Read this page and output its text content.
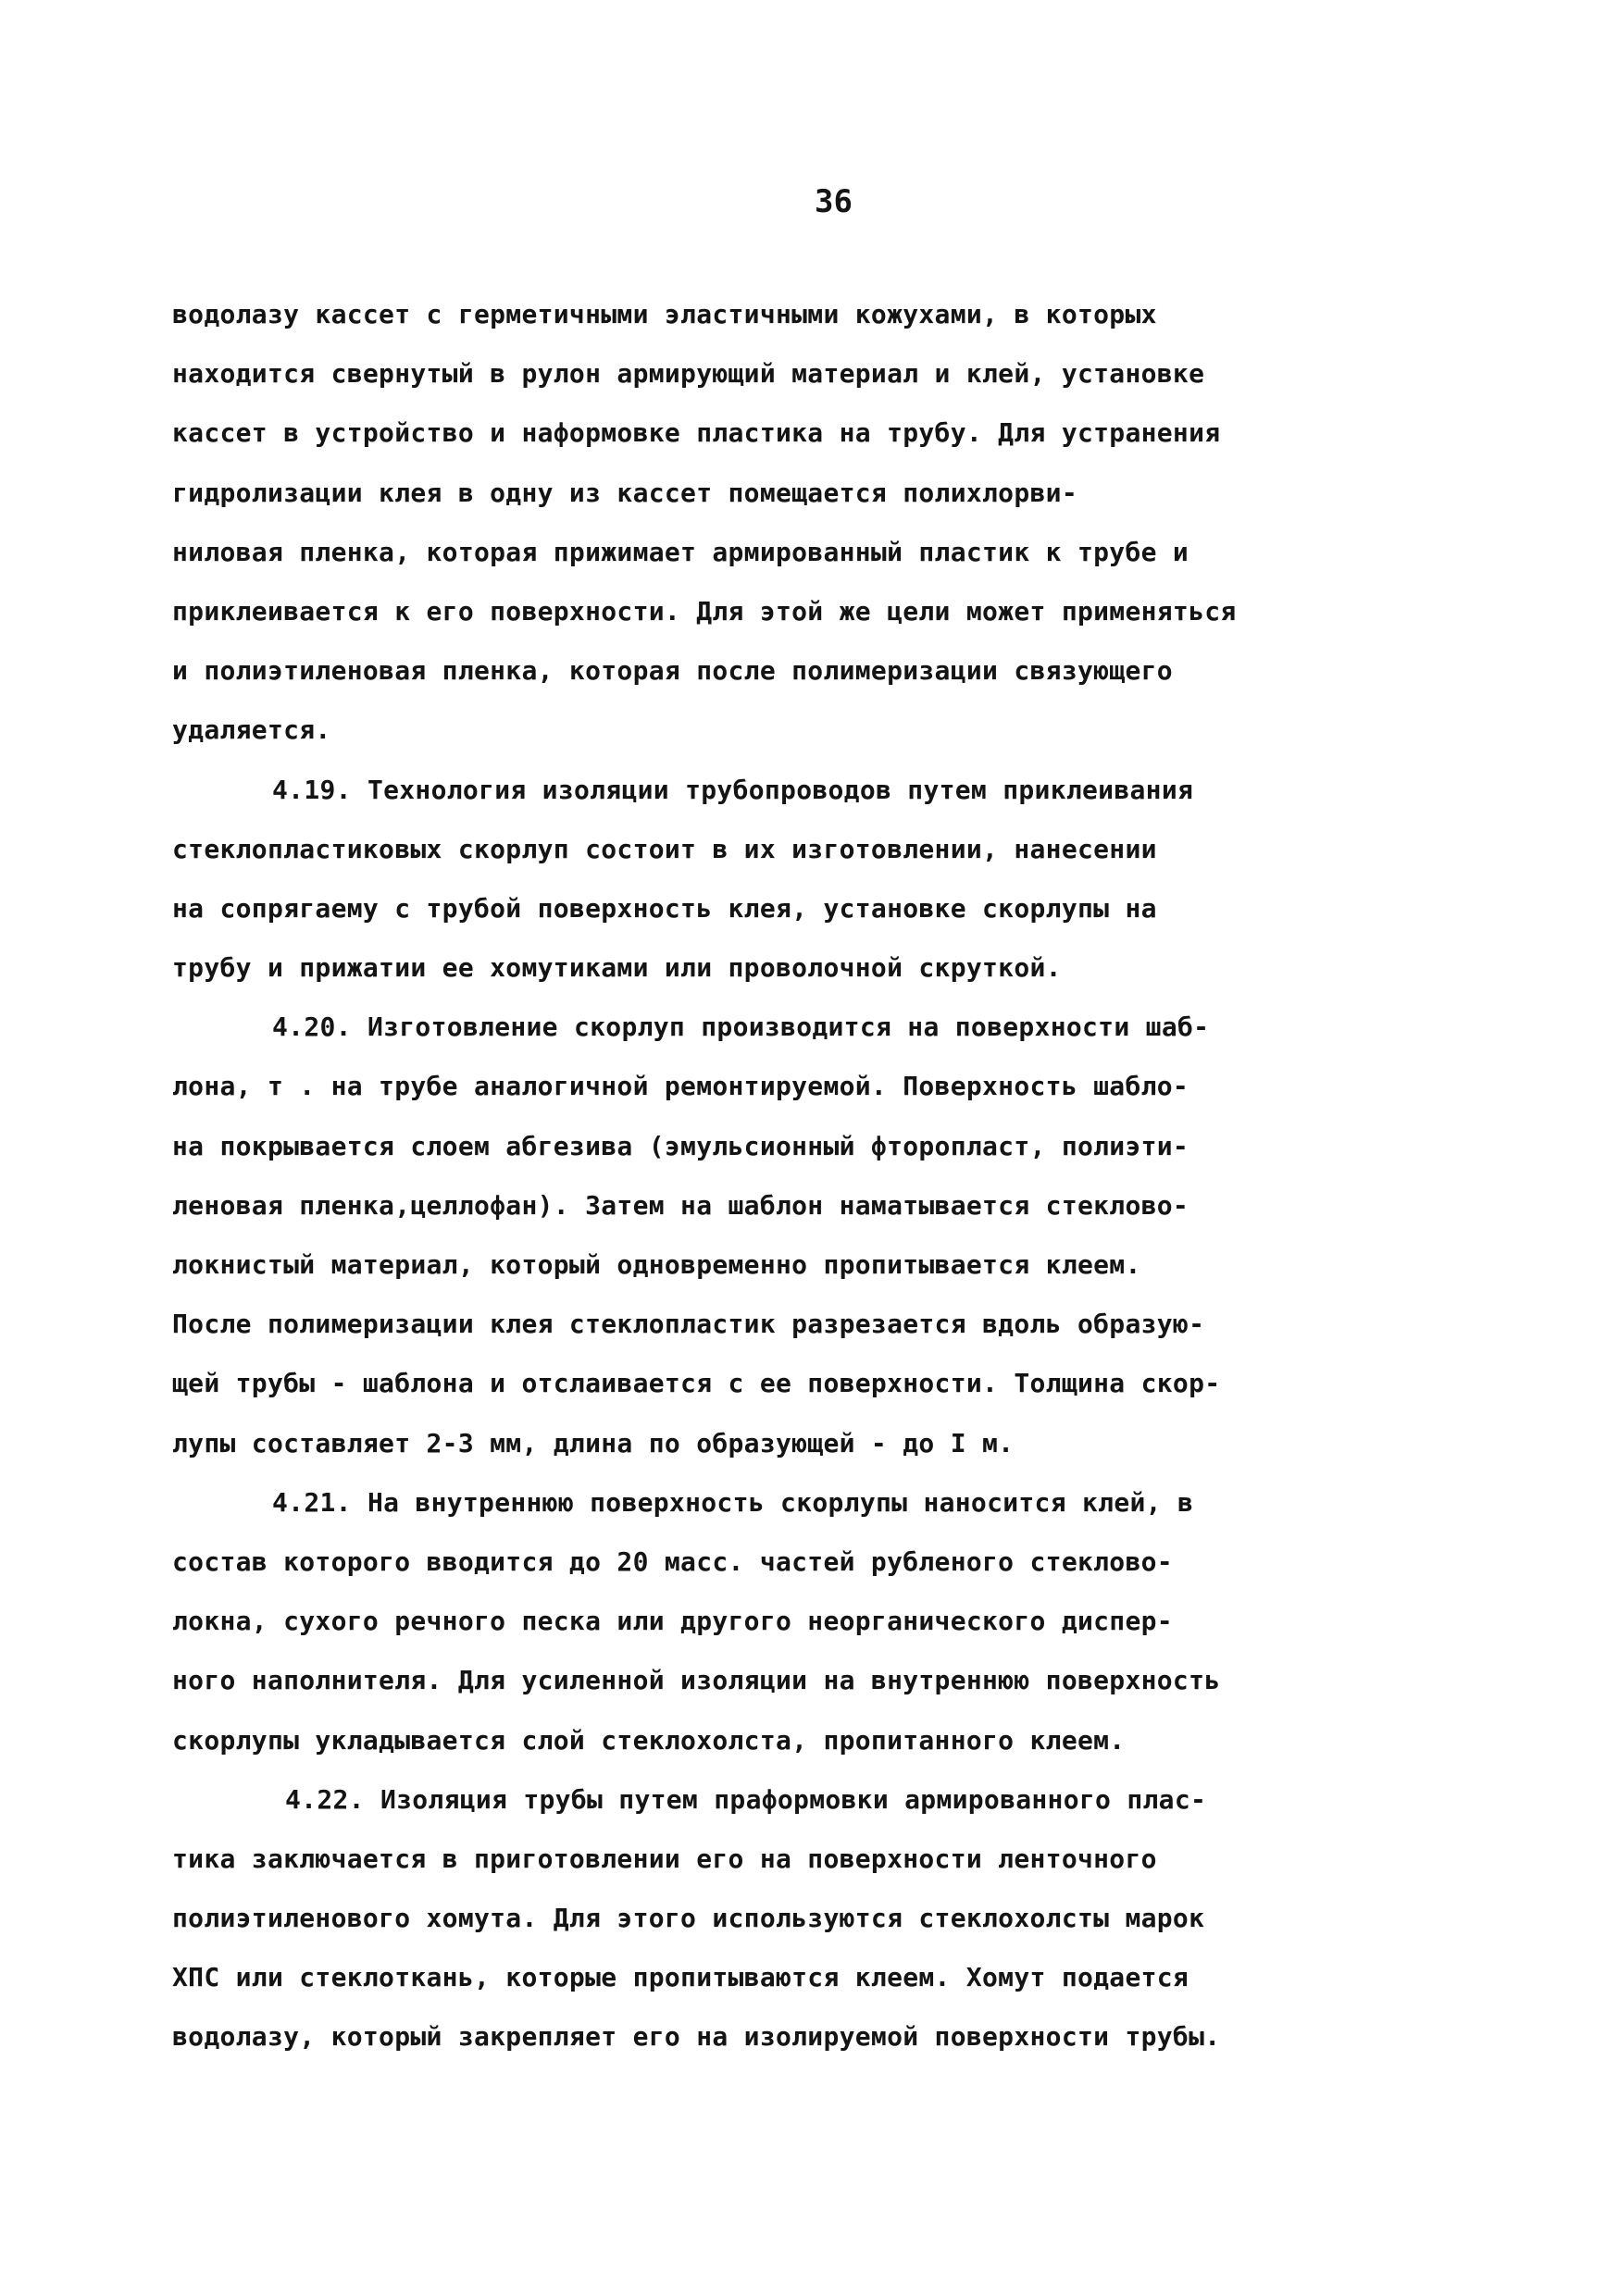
36
водолазу кассет с герметичными эластичными кожухами, в которых
находится свернутый в рулон армирующий материал и клей, установке
кассет в устройство и наформовке пластика на трубу. Для устранения
гидролизации клея в одну из кассет помещается полихлорви-
ниловая пленка, которая прижимает армированный пластик к трубе и
приклеивается к его поверхности. Для этой же цели может применяться
и полиэтиленовая пленка, которая после полимеризации связующего
удаляется.
4.19. Технология изоляции трубопроводов путем приклеивания
стеклопластиковых скорлуп состоит в их изготовлении, нанесении
на сопрягаему с трубой поверхность клея, установке скорлупы на
трубу и прижатии ее хомутиками или проволочной скруткой.
4.20. Изготовление скорлуп производится на поверхности шаб-
лона, т . на трубе аналогичной ремонтируемой. Поверхность шабло-
на покрывается слоем абгезива (эмульсионный фторопласт, полиэти-
леновая пленка,целлофан). Затем на шаблон наматывается стеклово-
локнистый материал, который одновременно пропитывается клеем.
После полимеризации клея стеклопластик разрезается вдоль образую-
щей трубы - шаблона и отслаивается с ее поверхности. Толщина скор-
лупы составляет 2-3 мм, длина по образующей - до I м.
4.21. На внутреннюю поверхность скорлупы наносится клей, в
состав которого вводится до 20 масс. частей рубленого стеклово-
локна, сухого речного песка или другого неорганического диспер-
ного наполнителя. Для усиленной изоляции на внутреннюю поверхность
скорлупы укладывается слой стеклохолста, пропитанного клеем.
4.22. Изоляция трубы путем праформовки армированного плас-
тика заключается в приготовлении его на поверхности ленточного
полиэтиленового хомута. Для этого используются стеклохолсты марок
ХПС или стеклоткань, которые пропитываются клеем. Хомут подается
водолазу, который закрепляет его на изолируемой поверхности трубы.
